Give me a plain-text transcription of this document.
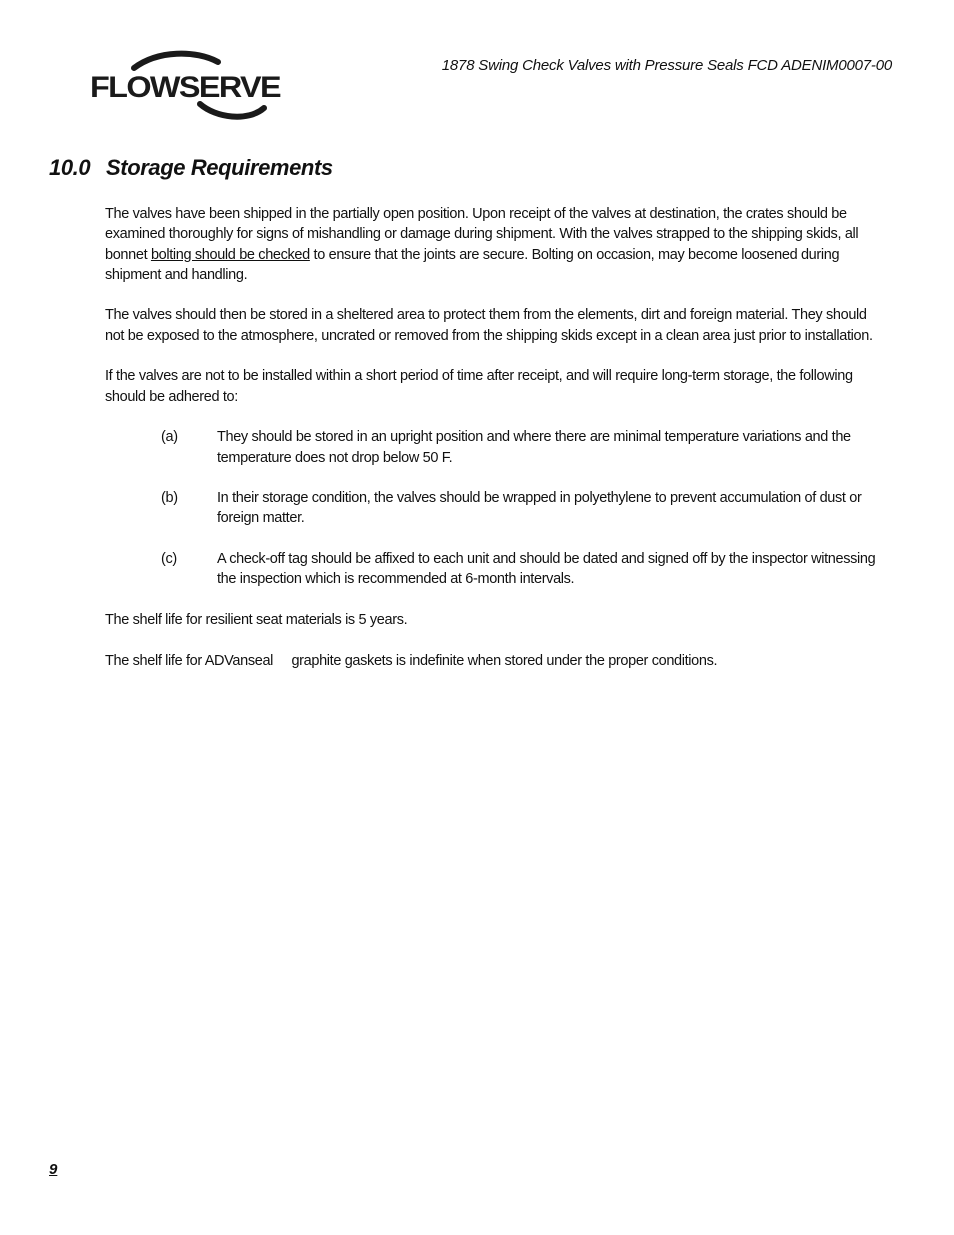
FLOWSERVE
1878 Swing Check Valves with Pressure Seals FCD ADENIM0007-00
10.0 Storage Requirements

The valves have been shipped in the partially open position. Upon receipt of the valves at destination, the crates should be examined thoroughly for signs of mishandling or damage during shipment. With the valves strapped to the shipping skids, all bonnet bolting should be checked to ensure that the joints are secure. Bolting on occasion, may become loosened during shipment and handling.

The valves should then be stored in a sheltered area to protect them from the elements, dirt and foreign material. They should not be exposed to the atmosphere, uncrated or removed from the shipping skids except in a clean area just prior to installation.

If the valves are not to be installed within a short period of time after receipt, and will require long-term storage, the following should be adhered to:

(a)	They should be stored in an upright position and where there are minimal temperature variations and the temperature does not drop below 50 F.
(b)	In their storage condition, the valves should be wrapped in polyethylene to prevent accumulation of dust or foreign matter.
(c)	A check-off tag should be affixed to each unit and should be dated and signed off by the inspector witnessing the inspection which is recommended at 6-month intervals.

The shelf life for resilient seat materials is 5 years.

The shelf life for ADVanseal     graphite gaskets is indefinite when stored under the proper conditions.

9
